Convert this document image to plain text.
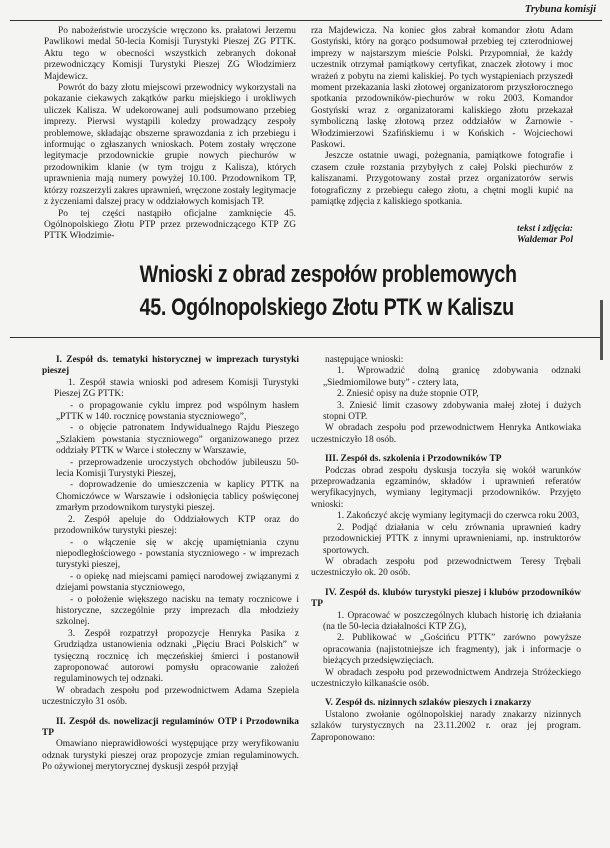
Trybuna komisji

Po nabożeństwie uroczyście wręczono ks. prałatowi Jerzemu Pawlikowi medal 50-lecia Komisji Turystyki Pieszej ZG PTTK. Aktu tego w obecności wszystkich zebranych dokonał przewodniczący Komisji Turystyki Pieszej ZG Włodzimierz Majdewicz.

Powrót do bazy złotu miejscowi przewodnicy wykorzystali na pokazanie ciekawych zakątków parku miejskiego i urokliwych uliczek Kalisza. W udekorowanej auli podsumowano przebieg imprezy. Pierwsi wystąpili koledzy prowadzący zespoły problemowe, składając obszerne sprawozdania z ich przebiegu i informując o zgłaszanych wnioskach. Potem zostały wręczone legitymacje przodownickie grupie nowych piechurów w przodownikim klanie (w tym trojgu z Kalisza), których uprawnienia mają numery powyżej 10.100. Przodownikom TP, którzy rozszerzyli zakres uprawnień, wręczone zostały legitymacje z życzeniami dalszej pracy w oddziałowych komisjach TP.

Po tej części nastąpiło oficjalne zamknięcie 45. Ogólnopolskiego Złotu PTP przez przewodniczącego KTP ZG PTTK Włodzimie-

rza Majdewicza. Na koniec głos zabrał komandor złotu Adam Gostyński, który na gorąco podsumował przebieg tej czterodniowej imprezy w najstarszym mieście Polski. Przypomniał, że każdy uczestnik otrzymał pamiątkowy certyfikat, znaczek złotowy i moc wrażeń z pobytu na ziemi kaliskiej. Po tych wystąpieniach przyszedł moment przekazania laski złotowej organizatorom przyszłorocznego spotkania przodowników-piechurów w roku 2003. Komandor Gostyński wraz z organizatorami kaliskiego złotu przekazał symboliczną laskę złotową przez oddziałów w Żarnowie - Włodzimierzowi Szafińskiemu i w Końskich - Wojciechowi Paskowi.

Jeszcze ostatnie uwagi, pożegnania, pamiątkowe fotografie i czasem czułe rozstania przybyłych z całej Polski piechurów z kaliszanami. Przygotowany został przez organizatorów serwis fotograficzny z przebiegu całego złotu, a chętni mogli kupić na pamiątkę zdjęcia z kaliskiego spotkania.

tekst i zdjęcia:
Waldemar Pol
Wnioski z obrad zespołów problemowych
45. Ogólnopolskiego Złotu PTK w Kaliszu

I. Zespół ds. tematyki historycznej w imprezach turystyki pieszej

1. Zespół stawia wnioski pod adresem Komisji Turystyki Pieszej ZG PTTK:

- o propagowanie cyklu imprez pod wspólnym hasłem „PTTK w 140. rocznicę powstania styczniowego”,

- o objęcie patronatem Indywidualnego Rajdu Pieszego „Szlakiem powstania styczniowego” organizowanego przez oddziały PTTK w Warce i stołeczny w Warszawie,

- przeprowadzenie uroczystych obchodów jubileuszu 50-lecia Komisji Turystyki Pieszej,

- doprowadzenie do umieszczenia w kaplicy PTTK na Chomiczówce w Warszawie i odsłonięcia tablicy poświęconej zmarłym przodownikom turystyki pieszej.

2. Zespół apeluje do Oddziałowych KTP oraz do przodowników turystyki pieszej:

- o włączenie się w akcję upamiętniania czynu niepodległościowego - powstania styczniowego - w imprezach turystyki pieszej,

- o opiekę nad miejscami pamięci narodowej związanymi z dziejami powstania styczniowego,

- o położenie większego nacisku na tematy rocznicowe i historyczne, szczególnie przy imprezach dla młodzieży szkolnej.

3. Zespół rozpatrzył propozycje Henryka Pasika z Grudziądza ustanowienia odznaki „Pięciu Braci Polskich” w tysięczną rocznicę ich męczeńskiej śmierci i postanowił zaproponować autorowi pomysłu opracowanie założeń regulaminowych tej odznaki.

W obradach zespołu pod przewodnictwem Adama Szepiela uczestniczyło 31 osób.

II. Zespół ds. nowelizacji regulaminów OTP i Przodownika TP

Omawiano nieprawidłowości występujące przy weryfikowaniu odznak turystyki pieszej oraz propozycje zmian regulaminowych. Po ożywionej merytorycznej dyskusji zespół przyjął

następujące wnioski:

1. Wprowadzić dolną granicę zdobywania odznaki „Siedmiomilowe buty” - cztery lata,

2. Zniesić opisy na duże stopnie OTP,

3. Zniesić limit czasowy zdobywania małej złotej i dużych stopni OTP.

W obradach zespołu pod przewodnictwem Henryka Antkowiaka uczestniczyło 18 osób.

III. Zespół ds. szkolenia i Przodowników TP

Podczas obrad zespołu dyskusja toczyła się wokół warunków przeprowadzania egzaminów, składów i uprawnień referatów weryfikacyjnych, wymiany legitymacji przodowników. Przyjęto wnioski:

1. Zakończyć akcję wymiany legitymacji do czerwca roku 2003,

2. Podjąć działania w celu zrównania uprawnień kadry przodownickiej PTTK z innymi uprawnieniami, np. instruktorów sportowych.

W obradach zespołu pod przewodnictwem Teresy Trębali uczestniczyło ok. 20 osób.

IV. Zespół ds. klubów turystyki pieszej i klubów przodowników TP

1. Opracować w poszczególnych klubach historię ich działania (na tle 50-lecia działalności KTP ZG),

2. Publikować w „Gościńcu PTTK” zarówno powyższe opracowania (najistotniejsze ich fragmenty), jak i informacje o bieżących przedsięwzięciach.

W obradach zespołu pod przewodnictwem Andrzeja Stróżeckiego uczestniczyło kilkanaście osób.

V. Zespół ds. nizinnych szlaków pieszych i znakarzy

Ustalono zwołanie ogólnopolskiej narady znakarzy nizinnych szlaków turystycznych na 23.11.2002 r. oraz jej program. Zaproponowano:
